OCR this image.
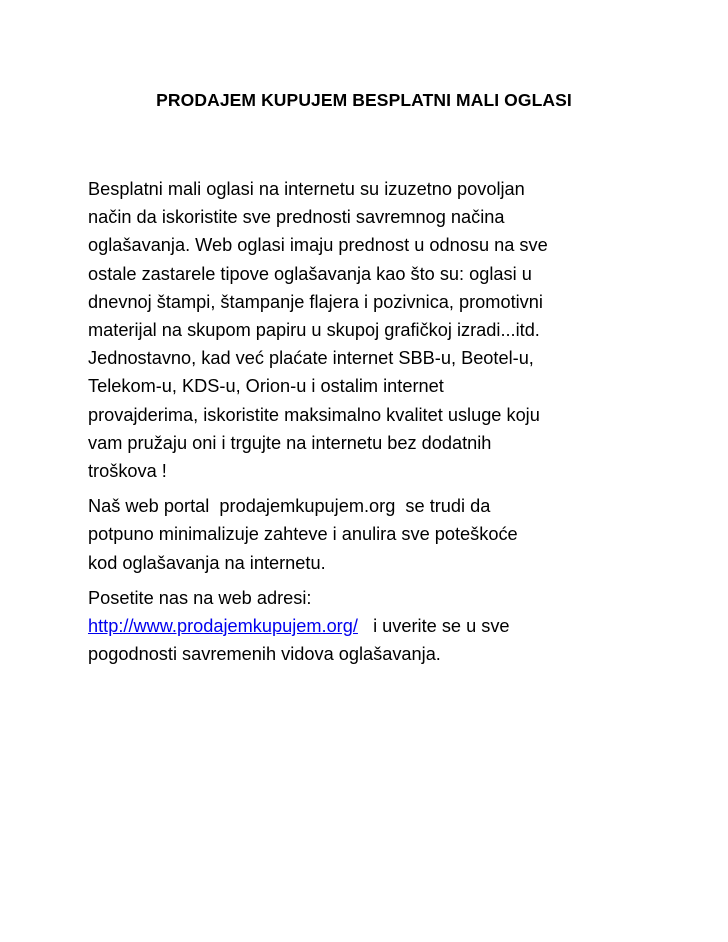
PRODAJEM KUPUJEM BESPLATNI MALI OGLASI

Besplatni mali oglasi na internetu su izuzetno povoljan
način da iskoristite sve prednosti savremnog načina
oglašavanja. Web oglasi imaju prednost u odnosu na sve
ostale zastarele tipove oglašavanja kao što su: oglasi u
dnevnoj štampi, štampanje flajera i pozivnica, promotivni
materijal na skupom papiru u skupoj grafičkoj izradi...itd.
Jednostavno, kad već plaćate internet SBB-u, Beotel-u,
Telekom-u, KDS-u, Orion-u i ostalim internet
provajderima, iskoristite maksimalno kvalitet usluge koju
vam pružaju oni i trgujte na internetu bez dodatnih
troškova !

Naš web portal  prodajemkupujem.org  se trudi da
potpuno minimalizuje zahteve i anulira sve poteškoće
kod oglašavanja na internetu.

Posetite nas na web adresi:
http://www.prodajemkupujem.org/   i uverite se u sve
pogodnosti savremenih vidova oglašavanja.
